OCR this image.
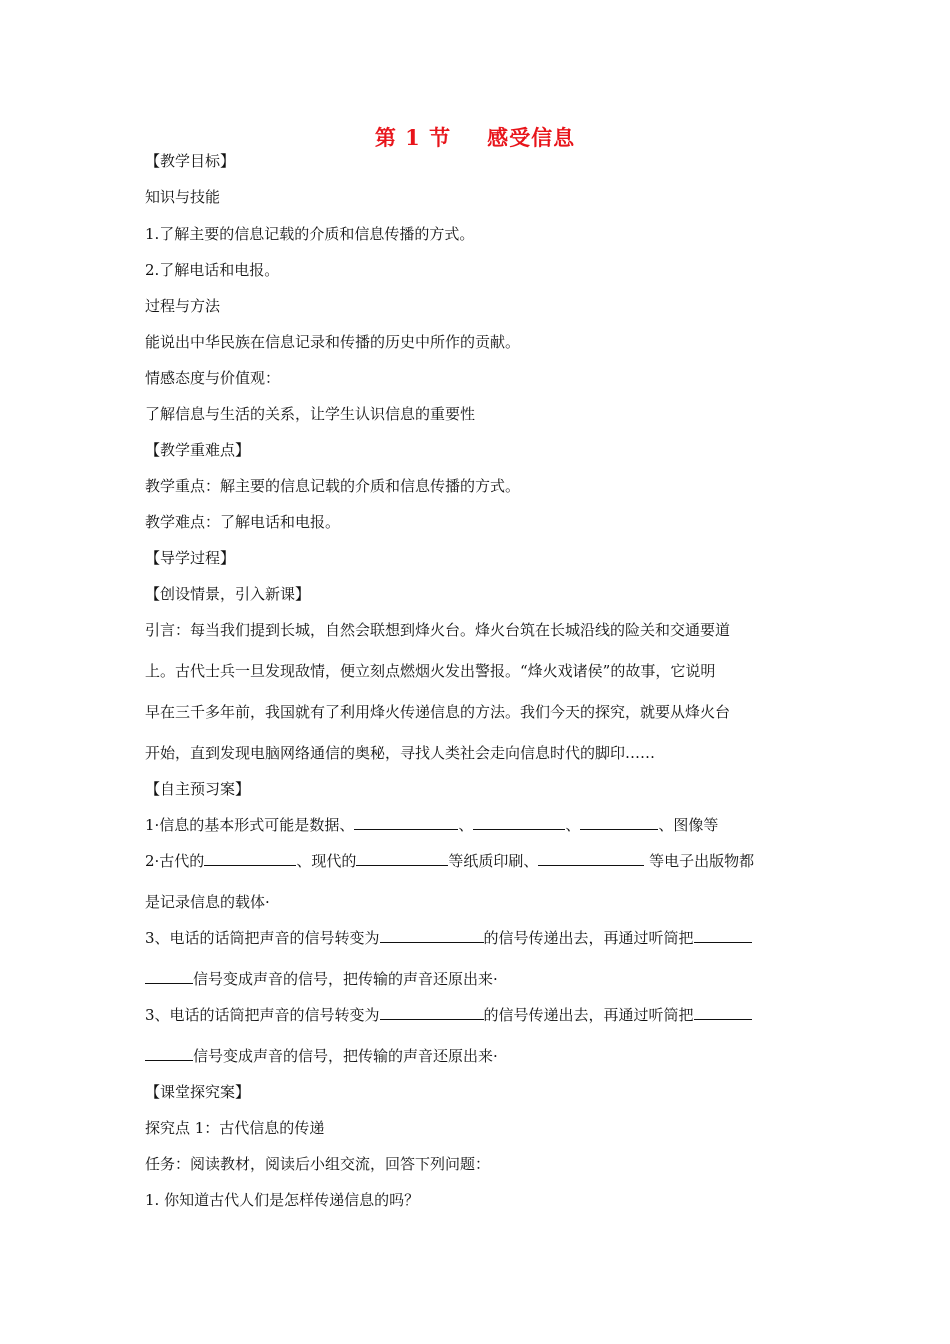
第 1 节 感受信息
【教学目标】
知识与技能
1.了解主要的信息记载的介质和信息传播的方式。
2.了解电话和电报。
过程与方法
能说出中华民族在信息记录和传播的历史中所作的贡献。
情感态度与价值观：
了解信息与生活的关系，让学生认识信息的重要性
【教学重难点】
教学重点：解主要的信息记载的介质和信息传播的方式。
教学难点：了解电话和电报。
【导学过程】
【创设情景，引入新课】
引言：每当我们提到长城，自然会联想到烽火台。烽火台筑在长城沿线的险关和交通要道
上。古代士兵一旦发现敌情，便立刻点燃烟火发出警报。“烽火戏诸侯”的故事，它说明
早在三千多年前，我国就有了利用烽火传递信息的方法。我们今天的探究，就要从烽火台
开始，直到发现电脑网络通信的奥秘，寻找人类社会走向信息时代的脚印……
【自主预习案】
1·信息的基本形式可能是数据、	、	、	、图像等
2·古代的	、现代的	等纸质印刷、	等电子出版物都
是记录信息的载体·
3、电话的话筒把声音的信号转变为	的信号传递出去，再通过听筒把
信号变成声音的信号，把传输的声音还原出来·
3、电话的话筒把声音的信号转变为	的信号传递出去，再通过听筒把
信号变成声音的信号，把传输的声音还原出来·
【课堂探究案】
探究点 1：古代信息的传递
任务：阅读教材，阅读后小组交流，回答下列问题：
1. 你知道古代人们是怎样传递信息的吗？
